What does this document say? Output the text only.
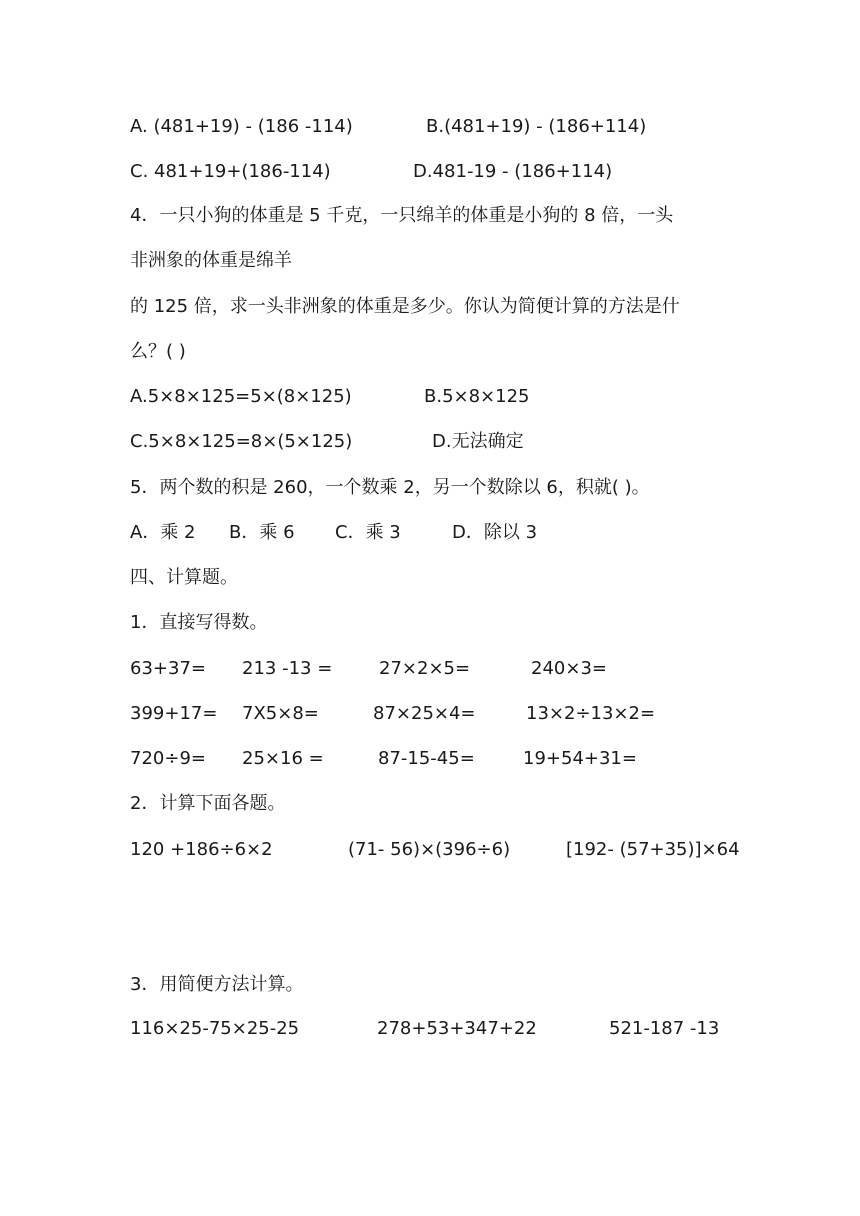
A. (481+19) - (186 -114)	B.(481+19) - (186+114)
C. 481+19+(186-114)	D.481-19 - (186+114)
4．一只小狗的体重是 5 千克，一只绵羊的体重是小狗的 8 倍，一头
非洲象的体重是绵羊
的 125 倍，求一头非洲象的体重是多少。你认为简便计算的方法是什
么？( )
A.5×8×125=5×(8×125)	B.5×8×125
C.5×8×125=8×(5×125)	D.无法确定
5．两个数的积是 260，一个数乘 2，另一个数除以 6，积就( )。
A．乘 2 B．乘 6 C．乘 3	D．除以 3
四、计算题。
1．直接写得数。
63+37= 213 -13 =	27×2×5=	240×3=
399+17= 7X5×8=	87×25×4=	13×2÷13×2=
720÷9= 25×16 =	87-15-45=	19+54+31=
2．计算下面各题。
120 +186÷6×2	(71- 56)×(396÷6)	[192- (57+35)]×64
3．用简便方法计算。
116×25-75×25-25	278+53+347+22	521-187 -13
